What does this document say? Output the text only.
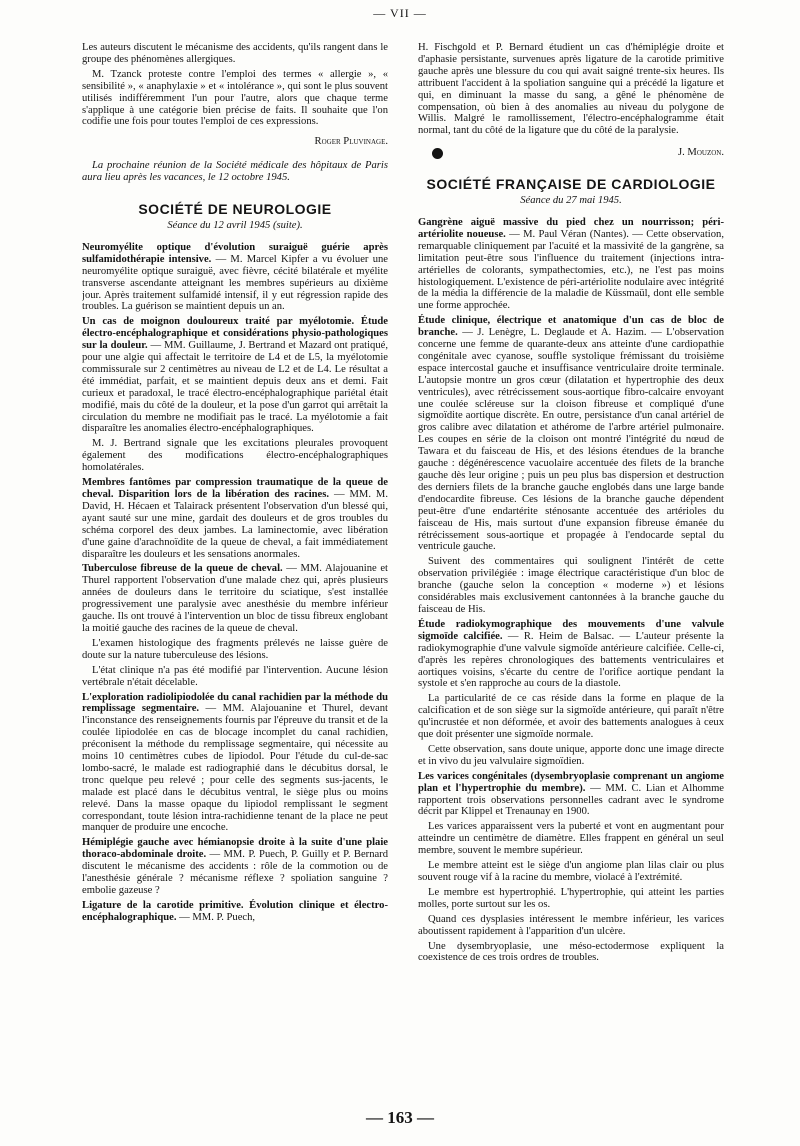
— VII —

Les auteurs discutent le mécanisme des accidents, qu'ils rangent dans le groupe des phénomènes allergiques.

M. Tzanck proteste contre l'emploi des termes « allergie », « sensibilité », « anaphylaxie » et « intolérance », qui sont le plus souvent utilisés indifféremment l'un pour l'autre, alors que chaque terme s'applique à une catégorie bien précise de faits. Il souhaite que l'on codifie une fois pour toutes l'emploi de ces expressions.

Roger Pluvinage.

La prochaine réunion de la Société médicale des hôpitaux de Paris aura lieu après les vacances, le 12 octobre 1945.

SOCIÉTÉ DE NEUROLOGIE

Séance du 12 avril 1945 (suite).

Neuromyélite optique d'évolution suraiguë guérie après sulfamidothérapie intensive. — M. Marcel Kipfer a vu évoluer une neuromyélite optique suraiguë, avec fièvre, cécité bilatérale et myélite transverse ascendante atteignant les membres supérieurs au dixième jour. Après traitement sulfamidé intensif, il y eut régression rapide des troubles. La guérison se maintient depuis un an.

Un cas de moignon douloureux traité par myélotomie. Étude électro-encéphalographique et considérations physio-pathologiques sur la douleur. — MM. Guillaume, J. Bertrand et Mazard ont pratiqué, pour une algie qui affectait le territoire de L4 et de L5, la myélotomie commissurale sur 2 centimètres au niveau de L2 et de L4. Le résultat a été immédiat, parfait, et se maintient depuis deux ans et demi. Fait curieux et paradoxal, le tracé électro-encéphalographique pariétal était modifié, mais du côté de la douleur, et la pose d'un garrot qui arrêtait la circulation du membre ne modifiait pas le tracé. La myélotomie a fait disparaître les anomalies électro-encéphalographiques.

M. J. Bertrand signale que les excitations pleurales provoquent également des modifications électro-encéphalographiques homolatérales.

Membres fantômes par compression traumatique de la queue de cheval. Disparition lors de la libération des racines. — MM. M. David, H. Hécaen et Talairack présentent l'observation d'un blessé qui, ayant sauté sur une mine, gardait des douleurs et de gros troubles du schéma corporel des deux jambes. La laminectomie, avec libération d'une gaine d'arachnoïdite de la queue de cheval, a fait immédiatement disparaître les douleurs et les sensations anormales.

Tuberculose fibreuse de la queue de cheval. — MM. Alajouanine et Thurel rapportent l'observation d'une malade chez qui, après plusieurs années de douleurs dans le territoire du sciatique, s'est installée progressivement une paralysie avec anesthésie du membre inférieur gauche. Ils ont trouvé à l'intervention un bloc de tissu fibreux englobant la moitié gauche des racines de la queue de cheval.

L'examen histologique des fragments prélevés ne laisse guère de doute sur la nature tuberculeuse des lésions.

L'état clinique n'a pas été modifié par l'intervention. Aucune lésion vertébrale n'était décelable.

L'exploration radiolipiodolée du canal rachidien par la méthode du remplissage segmentaire. — MM. Alajouanine et Thurel, devant l'inconstance des renseignements fournis par l'épreuve du transit et de la coulée lipiodolée en cas de blocage incomplet du canal rachidien, préconisent la méthode du remplissage segmentaire, qui nécessite au moins 10 centimètres cubes de lipiodol. Pour l'étude du cul-de-sac lombo-sacré, le malade est radiographié dans le décubitus dorsal, le tronc quelque peu relevé ; pour celle des segments sus-jacents, le malade est placé dans le décubitus ventral, le siège plus ou moins relevé. Dans la masse opaque du lipiodol remplissant le segment correspondant, toute lésion intra-rachidienne tenant de la place ne peut manquer de produire une encoche.

Hémiplégie gauche avec hémianopsie droite à la suite d'une plaie thoraco-abdominale droite. — MM. P. Puech, P. Guilly et P. Bernard discutent le mécanisme des accidents : rôle de la commotion ou de l'anesthésie générale ? mécanisme réflexe ? spoliation sanguine ? embolie gazeuse ?

Ligature de la carotide primitive. Évolution clinique et électro-encéphalographique. — MM. P. Puech,

H. Fischgold et P. Bernard étudient un cas d'hémiplégie droite et d'aphasie persistante, survenues après ligature de la carotide primitive gauche après une blessure du cou qui avait saigné trente-six heures. Ils attribuent l'accident à la spoliation sanguine qui a précédé la ligature et qui, en diminuant la masse du sang, a gêné le phénomène de compensation, où bien à des anomalies au niveau du polygone de Willis. Malgré le ramollissement, l'électro-encéphalogramme était normal, tant du côté de la ligature que du côté de la paralysie.

J. Mouzon.
SOCIÉTÉ FRANÇAISE DE CARDIOLOGIE

Séance du 27 mai 1945.

Gangrène aiguë massive du pied chez un nourrisson; péri-artériolite noueuse. — M. Paul Véran (Nantes). — Cette observation, remarquable cliniquement par l'acuité et la massivité de la gangrène, sa limitation peut-être sous l'influence du traitement (injections intra-artérielles de colorants, sympathectomies, etc.), ne l'est pas moins histologiquement. L'existence de péri-artériolite nodulaire avec intégrité de la média la différencie de la maladie de Küssmaül, dont elle semble une forme approchée.

Étude clinique, électrique et anatomique d'un cas de bloc de branche. — J. Lenègre, L. Deglaude et A. Hazim. — L'observation concerne une femme de quarante-deux ans atteinte d'une cardiopathie congénitale avec cyanose, souffle systolique frémissant du troisième espace intercostal gauche et insuffisance ventriculaire droite terminale. L'autopsie montre un gros cœur (dilatation et hypertrophie des deux ventricules), avec rétrécissement sous-aortique fibro-calcaire envoyant une coulée scléreuse sur la cloison fibreuse et compliqué d'une sigmoïdite aortique discrète. En outre, persistance d'un canal artériel de gros calibre avec dilatation et athérome de l'arbre artériel pulmonaire. Les coupes en série de la cloison ont montré l'intégrité du nœud de Tawara et du faisceau de His, et des lésions étendues de la branche gauche : dégénérescence vacuolaire accentuée des filets de la branche gauche dès leur origine ; puis un peu plus bas dispersion et destruction des derniers filets de la branche gauche englobés dans une large bande d'endocardite fibreuse. Ces lésions de la branche gauche dépendent peut-être d'une endartérite sténosante accentuée des artérioles du faisceau de His, mais surtout d'une expansion fibreuse émanée du rétrécissement sous-aortique et propagée à l'endocarde septal du ventricule gauche.

Suivent des commentaires qui soulignent l'intérêt de cette observation privilégiée : image électrique caractéristique d'un bloc de branche (gauche selon la conception « moderne ») et lésions considérables mais exclusivement cantonnées à la branche gauche du faisceau de His.

Étude radiokymographique des mouvements d'une valvule sigmoïde calcifiée. — R. Heim de Balsac. — L'auteur présente la radiokymographie d'une valvule sigmoïde antérieure calcifiée. Celle-ci, d'après les repères chronologiques des battements ventriculaires et aortiques voisins, s'écarte du centre de l'orifice aortique pendant la systole et s'en rapproche au cours de la diastole.

La particularité de ce cas réside dans la forme en plaque de la calcification et de son siège sur la sigmoïde antérieure, qui paraît n'être qu'incrustée et non déformée, et avoir des battements analogues à ceux que doit présenter une sigmoïde normale.

Cette observation, sans doute unique, apporte donc une image directe et in vivo du jeu valvulaire sigmoïdien.

Les varices congénitales (dysembryoplasie comprenant un angiome plan et l'hypertrophie du membre). — MM. C. Lian et Alhomme rapportent trois observations personnelles cadrant avec le syndrome décrit par Klippel et Trenaunay en 1900.

Les varices apparaissent vers la puberté et vont en augmentant pour atteindre un centimètre de diamètre. Elles frappent en général un seul membre, souvent le membre supérieur.

Le membre atteint est le siège d'un angiome plan lilas clair ou plus souvent rouge vif à la racine du membre, violacé à l'extrémité.

Le membre est hypertrophié. L'hypertrophie, qui atteint les parties molles, porte surtout sur les os.

Quand ces dysplasies intéressent le membre inférieur, les varices aboutissent rapidement à l'apparition d'un ulcère.

Une dysembryoplasie, une méso-ectodermose expliquent la coexistence de ces trois ordres de troubles.

— 163 —
